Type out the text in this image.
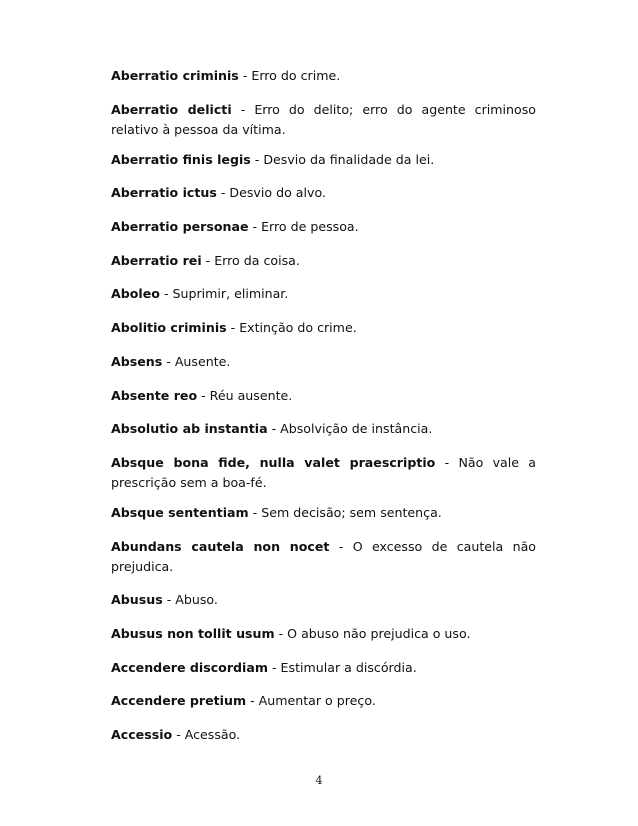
Aberratio criminis - Erro do crime.

Aberratio delicti - Erro do delito; erro do agente criminoso relativo à pessoa da vítima.

Aberratio finis legis - Desvio da finalidade da lei.

Aberratio ictus - Desvio do alvo.

Aberratio personae - Erro de pessoa.

Aberratio rei - Erro da coisa.

Aboleo - Suprimir, eliminar.

Abolitio criminis - Extinção do crime.

Absens - Ausente.

Absente reo - Réu ausente.

Absolutio ab instantia - Absolvição de instância.

Absque bona fide, nulla valet praescriptio - Não vale a prescrição sem a boa-fé.

Absque sententiam - Sem decisão; sem sentença.

Abundans cautela non nocet - O excesso de cautela não prejudica.

Abusus - Abuso.

Abusus non tollit usum - O abuso não prejudica o uso.

Accendere discordiam - Estimular a discórdia.

Accendere pretium - Aumentar o preço.

Accessio - Acessão.

4
